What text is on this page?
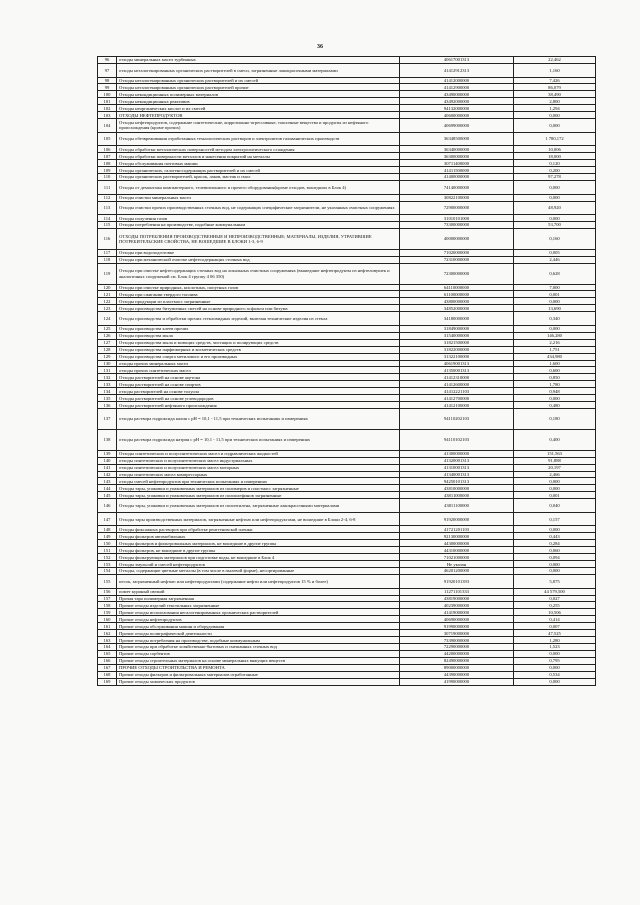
36
96	отходы минеральных масел турбинных	40617001313	22,462
97	отходы негалогенированных органических растворителей в смеси, загрязненные лакокрасочными материалами	41412912313	1,160
98	Отходы негалогенированных органических растворителей и их смесей	41412000000	7,426
99	Отходы негалогенированных органических растворителей прочие	41412900000	86,079
100	Отходы некондиционных полимерных материалов	43490000000	38,490
101	Отходы некондиционных реактивов	43492000000	2,800
102	Отходы неорганических кислот и их смесей	94132000000	1,294
103	ОТХОДЫ НЕФТЕПРОДУКТОВ	40600000000	0,000
104	Отходы нефтепродуктов, содержание синтетические, коррозионно-агрессивные, токсичные вещества и продукты из нефтяного происхождения (кроме прочих)	40699000000	0,000
105	Отходы обезвреживания отработанных технологических растворов и электролитов гальванических производств	36348500000	1 780,172
106	Отходы обработки металлических поверхностей методом электролитического осаждения	36340000000	10,006
107	Отходы обработки поверхности металлов и нанесения покрытий на металлы	36300000000	18,000
108	Отходы обслуживания почтовых машин	30711400000	0,120
109	Отходы органических, галогеносодержащих растворителей и их смесей	41411500000	0,200
110	Отходы органических растворителей, красок, лаков, мастик и смол	41400000000	97,278
111	Отходы от демонтажа компьютерного, телевизионного и прочего оборудования(кроме отходов, вошедших в Блок 4)	74140000000	0,000
112	Отходы очистки минеральных масел	30822100000	0,000
113	Отходы очистки прочих производственных сточных вод, не содержащих специфические загрязнители, не указанных очистных сооружениях	72900000000	48,920
114	Отходы получения газов	31010101000	0,000
115	Отходы потребления на производстве, подобные коммунальным	73300000000	53,700
116	ОТХОДЫ ПОТРЕБЛЕНИЯ ПРОИЗВОДСТВЕННЫЕ И НЕПРОИЗВОДСТВЕННЫЕ; МАТЕРИАЛЫ, ИЗДЕЛИЯ, УТРАТИВШИЕ ПОТРЕБИТЕЛЬСКИЕ СВОЙСТВА, НЕ ВОШЕДШИЕ В БЛОКИ 1-3, 6-9	40000000000	0,160
117	Отходы при водоподготовке	71020000000	0,005
118	Отходы при механической очистке нефтесодержащих сточных вод	72310000000	2,446
119	Отходы при очистке нефтесодержащих сточных вод на локальных очистных сооружениях (вышедшие нефтепродукты из нефтеловушек и аналогичных сооружений см. Блок 4 группу 4 06 350)	72300000000	0,628
120	Отходы при очистке природных, кислотных, попутных газов	64110000000	7,000
121	Отходы при сжигании твердого топлива	61100000000	0,001
122	Отходы продукции из пластмасс загрязненные	43800000000	0,000
123	Отходы производства битумизных смесей на основе природного асфальта или битума	34852000000	13,690
124	Отходы производства и обработки прочих стекловидных изделий, включая технические изделия из стекла	34180000000	0,340
125	Отходы производства клеев прочих	31849000000	0,000
126	Отходы производства мыла	31540000000	146,280
127	Отходы производства мыла и моющих средств, чистящих и полирующих средств	31821500000	2,216
128	Отходы производства парфюмерных и косметических средств	31822000000	1,751
129	Отходы производства спирта метилового и его производных	31322100000	434,980
130	отходы прочих минеральных масел	40619001313	1,600
131	отходы прочих синтетических масел	41350001313	0,600
132	Отходы растворителей на основе ацетона	41412310000	0,850
133	Отходы растворителей на основе спиртов	41412600000	1,780
134	отходы растворителей на основе толуола	41412221103	0,948
135	Отходы растворителей на основе углеводородов	41412700000	0,000
136	Отходы растворителей нефтяного происхождения	41412100000	0,480
137	отходы раствора гидроксида калия с рН = 10,1 - 11,5 при технических испытаниях и измерениях	94110202103	0,180
138	отходы раствора гидроксида натрия с рН = 10,1 - 11,5 при технических испытаниях и измерениях	94110102103	0,400
139	Отходы синтетических и полусинтетических масел и гидравлических жидкостей	41300000000	151,563
140	отходы синтетических и полусинтетических масел индустриальных	41320001313	91,888
141	отходы синтетических и полусинтетических масел моторных	41310001313	20,197
142	отходы синтетических масел компрессорных	41340001313	2,466
143	отходы смесей нефтепродуктов при технических испытаниях и измерениях	94250101313	0,000
144	Отходы тары, упаковки и упаковочных материалов из полимеров и пластмасс загрязненные	43810000000	0,000
145	Отходы тары, упаковки и упаковочных материалов из полиолефинов загрязненные	43811000000	0,001
146	Отходы тары, упаковки и упаковочных материалов из полиэтилена, загрязненные лакокрасочными материалами	43811100000	0,040
147	Отходы тары производственных материалов, загрязненные нефтью или нефтепродуктами, не вошедшие в Блоки 2-4, 6-8	91920000000	0,157
148	Отходы фиксажных растворов при обработке рентгеновской пленки	41721201103	0,000
149	Отходы фильтров автомобильных	92130000000	0,443
150	Отходы фильтров и фильтровальных материалов, не вошедшие в другие группы	44300000000	0,284
151	Отходы фильтров, не вошедшие в другие группы	44310000000	0,060
152	Отходы фильтрующих материалов при подготовке воды, не вошедшие в Блок 4	71021000000	0,094
153	Отходы эмульсий и смесей нефтепродуктов	Не указан	0,000
154	Отходы, содержащие цветные металлы (в том числе в пылевой форме), несортированные	46201200000	0,000
155	песок, загрязненный нефтью или нефтепродуктами (содержание нефти или нефтепродуктов 15 % и более)	91920101393	5,875
156	помет куриный свежий	11271101333	44 579,500
157	Прочая тара полимерная загрязненная	43819000000	0,027
158	Прочие отходы изделий текстильных загрязненные	40239000000	0,255
159	Прочие отходы использования негалогенированных органических растворителей	41419000000	10,506
160	Прочие отходы нефтепродуктов	40690000000	0,414
161	Прочие отходы обслуживания машин и оборудования	91990000000	0,007
162	Прочие отходы полиграфической деятельности	30719000000	47,525
163	Прочие отходы потребления на производстве, подобные коммунальным	73390000000	1,280
164	Прочие отходы при обработке хозяйственно-бытовых и смешанных сточных вод	72290000000	1,523
165	Прочие отходы сорбентов	44200000000	0,000
166	Прочие отходы строительных материалов на основе минеральных вяжущих веществ	82490000000	0,795
167	ПРОЧИЕ ОТХОДЫ СТРОИТЕЛЬСТВА И РЕМОНТА	89000000000	0,000
168	Прочие отходы фильтров и фильтровальных материалов отработанные	44390000000	0,534
169	Прочие отходы химических продуктов	41990000000	0,000
